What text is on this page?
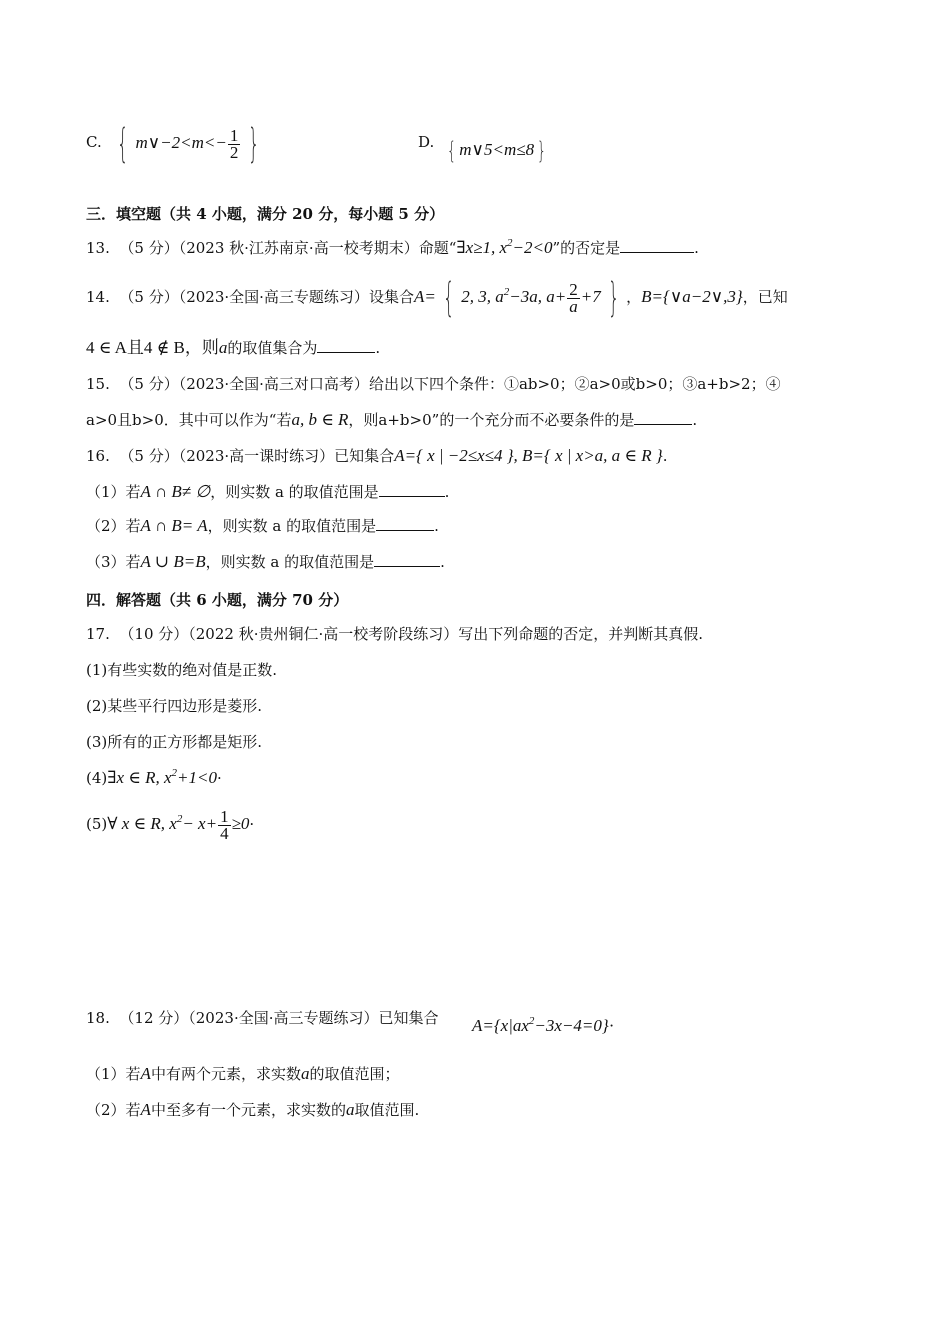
C. { m∨−2<m<− $\frac{1}{2}$ }	D. { m∨5<m≤8 }
三．填空题（共 4 小题，满分 20 分，每小题 5 分）
13. （5 分）（2023 秋·江苏南京·高一校考期末）命题“∃x≥1, $x^2-2<0$”的否定是	.
14. （5 分）（2023·全国·高三专题练习）设集合A= { 2, 3, $a^2-3a$, $a+ \frac{2}{a} +7$ } ，B={∨a−2∨,3}，已知
4 ∈ A且4 ∉ B，则a的取值集合为	.
15. （5 分）（2023·全国·高三对口高考）给出以下四个条件：①ab>0；②a>0或b>0；③a+b>2；④
a>0且b>0．其中可以作为“若a, b ∈ R，则a+b>0”的一个充分而不必要条件的是	.
16. （5 分）（2023·高一课时练习）已知集合A={ x | −2≤x≤4 }, B={ x | x>a, a ∈ R }.
（1）若A ∩ B≠ ∅，则实数 a 的取值范围是	.
（2）若A ∩ B= A，则实数 a 的取值范围是	.
（3）若A ∪ B=B，则实数 a 的取值范围是	.
四．解答题（共 6 小题，满分 70 分）
17. （10 分）（2022 秋·贵州铜仁·高一校考阶段练习）写出下列命题的否定，并判断其真假.
(1)有些实数的绝对值是正数.
(2)某些平行四边形是菱形.
(3)所有的正方形都是矩形.
(4)∃x ∈ R, $x^2+1<0\cdot$
(5)∀ x ∈ R, $x^2- x+ \frac{1}{4} \ge 0\cdot$
18. （12 分）（2023·全国·高三专题练习）已知集合 $A=\{x|ax^2-3x-4=0\}\cdot$
（1）若A中有两个元素，求实数a的取值范围；
（2）若A中至多有一个元素，求实数的a取值范围.
